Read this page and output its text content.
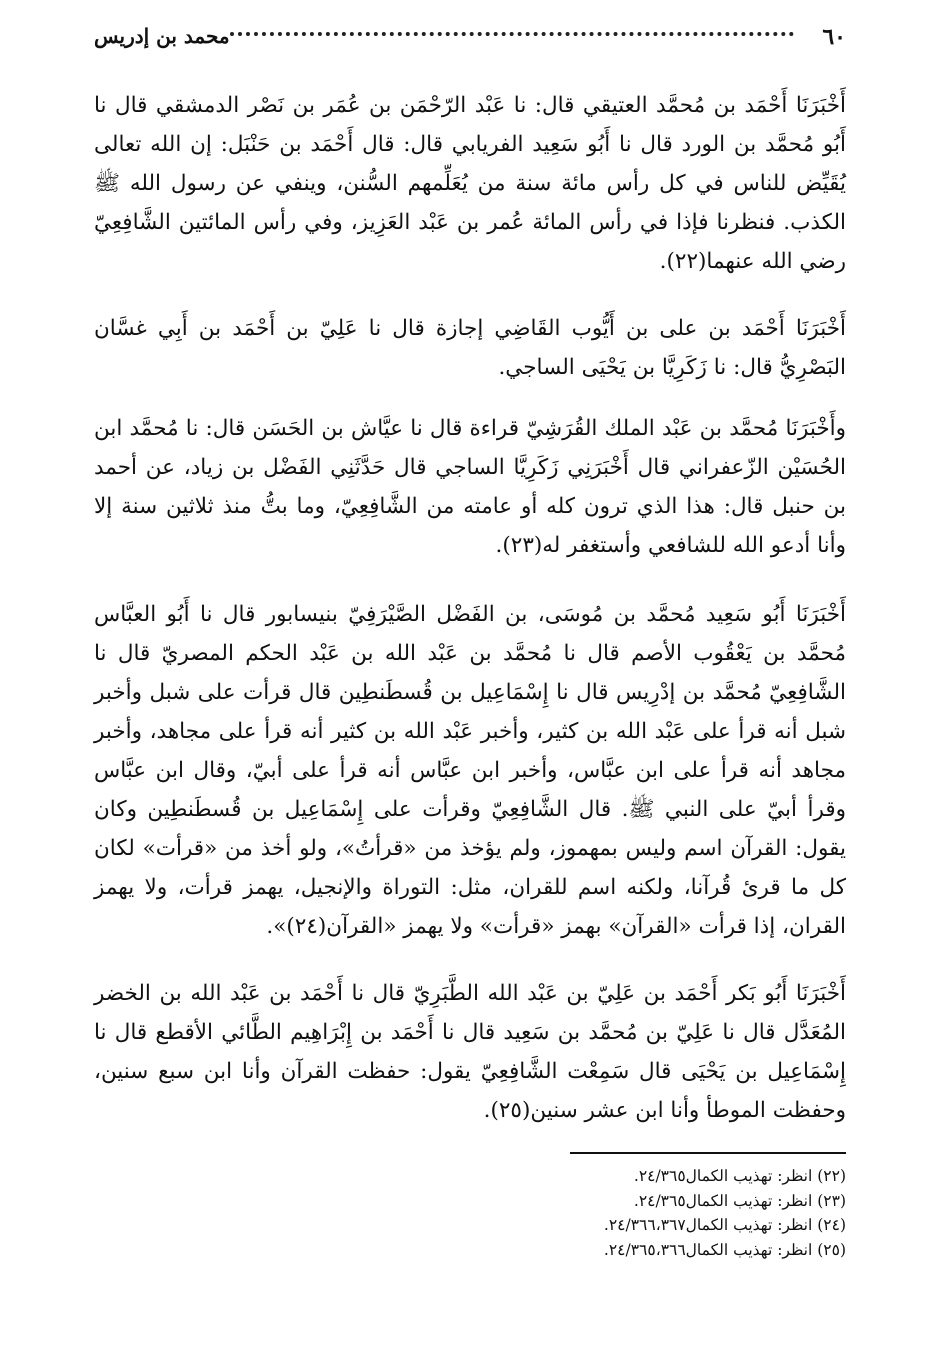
٦٠
محمد بن إدريس

أَخْبَرَنَا أَحْمَد بن مُحمَّد العتيقي قال: نا عَبْد الرّحْمَن بن عُمَر بن نَصْر الدمشقي قال نا أَبُو مُحمَّد بن الورد قال نا أَبُو سَعِيد الفريابي قال: قال أَحْمَد بن حَنْبَل: إن الله تعالى يُقَيِّض للناس في كل رأس مائة سنة من يُعَلِّمهم السُّنن، وينفي عن رسول الله ﷺ الكذب. فنظرنا فإذا في رأس المائة عُمر بن عَبْد العَزِيز، وفي رأس المائتين الشَّافِعِيّ رضي الله عنهما(٢٢).

أَخْبَرَنَا أَحْمَد بن على بن أَيُّوب القَاضِي إجازة قال نا عَلِيّ بن أَحْمَد بن أَبِي غسَّان البَصْرِيُّ قال: نا زَكَرِيَّا بن يَحْيَى الساجي.

وأَخْبَرَنَا مُحمَّد بن عَبْد الملك القُرَشِيّ قراءة قال نا عيَّاش بن الحَسَن قال: نا مُحمَّد ابن الحُسَيْن الزّعفراني قال أَخْبَرَنِي زَكَرِيَّا الساجي قال حَدَّثَنِي الفَضْل بن زياد، عن أحمد بن حنبل قال: هذا الذي ترون كله أو عامته من الشَّافِعِيّ، وما بتُّ منذ ثلاثين سنة إلا وأنا أدعو الله للشافعي وأستغفر له(٢٣).

أَخْبَرَنَا أَبُو سَعِيد مُحمَّد بن مُوسَى، بن الفَضْل الصَّيْرَفِيّ بنيسابور قال نا أَبُو العبَّاس مُحمَّد بن يَعْقُوب الأصم قال نا مُحمَّد بن عَبْد الله بن عَبْد الحكم المصريّ قال نا الشَّافِعِيّ مُحمَّد بن إدْرِيس قال نا إِسْمَاعِيل بن قُسطَنطِين قال قرأت على شبل وأخبر شبل أنه قرأ على عَبْد الله بن كثير، وأخبر عَبْد الله بن كثير أنه قرأ على مجاهد، وأخبر مجاهد أنه قرأ على ابن عبَّاس، وأخبر ابن عبَّاس أنه قرأ على أبيّ، وقال ابن عبَّاس وقرأ أبيّ على النبي ﷺ. قال الشَّافِعِيّ وقرأت على إِسْمَاعِيل بن قُسطَنطِين وكان يقول: القرآن اسم وليس بمهموز، ولم يؤخذ من «قرأتُ»، ولو أخذ من «قرأت» لكان كل ما قرئ قُرآنا، ولكنه اسم للقران، مثل: التوراة والإنجيل، يهمز قرأت، ولا يهمز القران، إذا قرأت «القرآن» بهمز «قرأت» ولا يهمز «القرآن(٢٤)».

أَخْبَرَنَا أَبُو بَكر أَحْمَد بن عَلِيّ بن عَبْد الله الطَّبَرِيّ قال نا أَحْمَد بن عَبْد الله بن الخضر المُعَدَّل قال نا عَلِيّ بن مُحمَّد بن سَعِيد قال نا أَحْمَد بن إِبْرَاهِيم الطَّائي الأقطع قال نا إِسْمَاعِيل بن يَحْيَى قال سَمِعْت الشَّافِعِيّ يقول: حفظت القرآن وأنا ابن سبع سنين، وحفظت الموطأ وأنا ابن عشر سنين(٢٥).

(٢٢) انظر: تهذيب الكمال٢٤/٣٦٥.
(٢٣) انظر: تهذيب الكمال٢٤/٣٦٥.
(٢٤) انظر: تهذيب الكمال٢٤/٣٦٦،٣٦٧.
(٢٥) انظر: تهذيب الكمال٢٤/٣٦٥،٣٦٦.
